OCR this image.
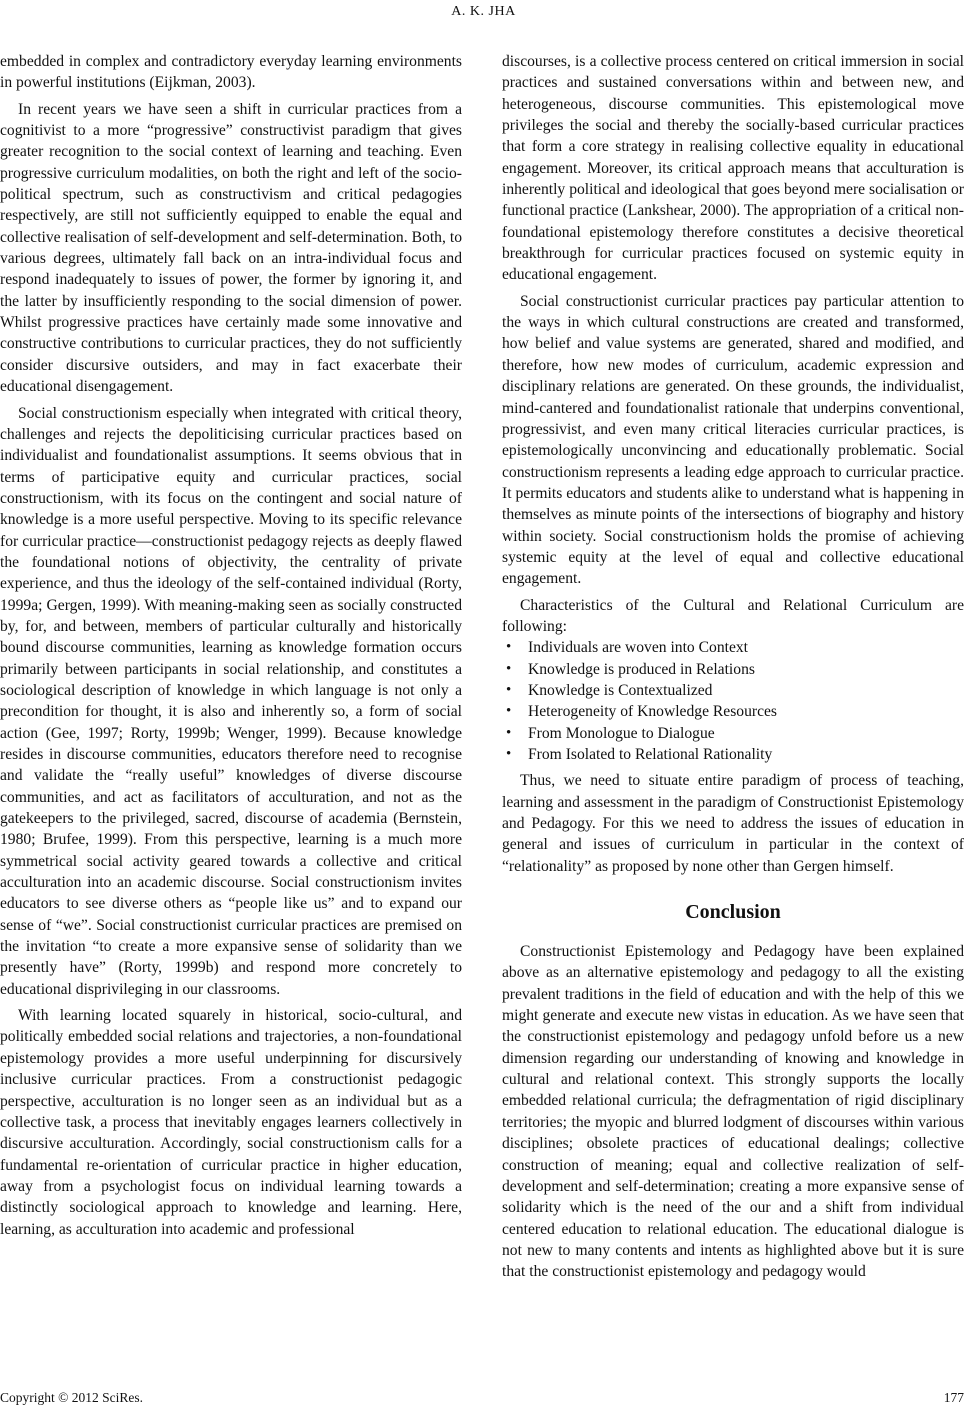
A. K. JHA

embedded in complex and contradictory everyday learning environments in powerful institutions (Eijkman, 2003).

In recent years we have seen a shift in curricular practices from a cognitivist to a more “progressive” constructivist paradigm that gives greater recognition to the social context of learning and teaching. Even progressive curriculum modalities, on both the right and left of the socio-political spectrum, such as constructivism and critical pedagogies respectively, are still not sufficiently equipped to enable the equal and collective realisation of self-development and self-determination. Both, to various degrees, ultimately fall back on an intra-individual focus and respond inadequately to issues of power, the former by ignoring it, and the latter by insufficiently responding to the social dimension of power. Whilst progressive practices have certainly made some innovative and constructive contributions to curricular practices, they do not sufficiently consider discursive outsiders, and may in fact exacerbate their educational disengagement.

Social constructionism especially when integrated with critical theory, challenges and rejects the depoliticising curricular practices based on individualist and foundationalist assumptions. It seems obvious that in terms of participative equity and curricular practices, social constructionism, with its focus on the contingent and social nature of knowledge is a more useful perspective. Moving to its specific relevance for curricular practice—constructionist pedagogy rejects as deeply flawed the foundational notions of objectivity, the centrality of private experience, and thus the ideology of the self-contained individual (Rorty, 1999a; Gergen, 1999). With meaning-making seen as socially constructed by, for, and between, members of particular culturally and historically bound discourse communities, learning as knowledge formation occurs primarily between participants in social relationship, and constitutes a sociological description of knowledge in which language is not only a precondition for thought, it is also and inherently so, a form of social action (Gee, 1997; Rorty, 1999b; Wenger, 1999). Because knowledge resides in discourse communities, educators therefore need to recognise and validate the “really useful” knowledges of diverse discourse communities, and act as facilitators of acculturation, and not as the gatekeepers to the privileged, sacred, discourse of academia (Bernstein, 1980; Brufee, 1999). From this perspective, learning is a much more symmetrical social activity geared towards a collective and critical acculturation into an academic discourse. Social constructionism invites educators to see diverse others as “people like us” and to expand our sense of “we”. Social constructionist curricular practices are premised on the invitation “to create a more expansive sense of solidarity than we presently have” (Rorty, 1999b) and respond more concretely to educational disprivileging in our classrooms.

With learning located squarely in historical, socio-cultural, and politically embedded social relations and trajectories, a non-foundational epistemology provides a more useful underpinning for discursively inclusive curricular practices. From a constructionist pedagogic perspective, acculturation is no longer seen as an individual but as a collective task, a process that inevitably engages learners collectively in discursive acculturation. Accordingly, social constructionism calls for a fundamental re-orientation of curricular practice in higher education, away from a psychologist focus on individual learning towards a distinctly sociological approach to knowledge and learning. Here, learning, as acculturation into academic and professional

discourses, is a collective process centered on critical immersion in social practices and sustained conversations within and between new, and heterogeneous, discourse communities. This epistemological move privileges the social and thereby the socially-based curricular practices that form a core strategy in realising collective equality in educational engagement. Moreover, its critical approach means that acculturation is inherently political and ideological that goes beyond mere socialisation or functional practice (Lankshear, 2000). The appropriation of a critical non-foundational epistemology therefore constitutes a decisive theoretical breakthrough for curricular practices focused on systemic equity in educational engagement.

Social constructionist curricular practices pay particular attention to the ways in which cultural constructions are created and transformed, how belief and value systems are generated, shared and modified, and therefore, how new modes of curriculum, academic expression and disciplinary relations are generated. On these grounds, the individualist, mind-cantered and foundationalist rationale that underpins conventional, progressivist, and even many critical literacies curricular practices, is epistemologically unconvincing and educationally problematic. Social constructionism represents a leading edge approach to curricular practice. It permits educators and students alike to understand what is happening in themselves as minute points of the intersections of biography and history within society. Social constructionism holds the promise of achieving systemic equity at the level of equal and collective educational engagement.

Characteristics of the Cultural and Relational Curriculum are following:

• Individuals are woven into Context
• Knowledge is produced in Relations
• Knowledge is Contextualized
• Heterogeneity of Knowledge Resources
• From Monologue to Dialogue
• From Isolated to Relational Rationality

Thus, we need to situate entire paradigm of process of teaching, learning and assessment in the paradigm of Constructionist Epistemology and Pedagogy. For this we need to address the issues of education in general and issues of curriculum in particular in the context of “relationality” as proposed by none other than Gergen himself.

Conclusion

Constructionist Epistemology and Pedagogy have been explained above as an alternative epistemology and pedagogy to all the existing prevalent traditions in the field of education and with the help of this we might generate and execute new vistas in education. As we have seen that the constructionist epistemology and pedagogy unfold before us a new dimension regarding our understanding of knowing and knowledge in cultural and relational context. This strongly supports the locally embedded relational curricula; the defragmentation of rigid disciplinary territories; the myopic and blurred lodgment of discourses within various disciplines; obsolete practices of educational dealings; collective construction of meaning; equal and collective realization of self-development and self-determination; creating a more expansive sense of solidarity which is the need of the our and a shift from individual centered education to relational education. The educational dialogue is not new to many contents and intents as highlighted above but it is sure that the constructionist epistemology and pedagogy would

Copyright © 2012 SciRes.	177
